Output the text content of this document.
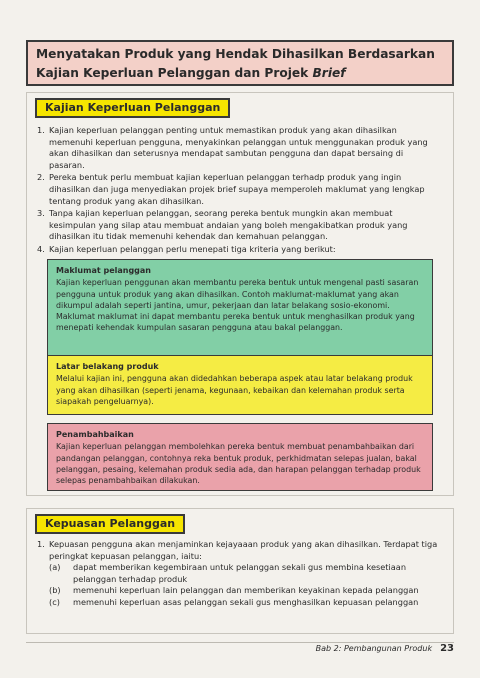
Menyatakan Produk yang Hendak Dihasilkan Berdasarkan
Kajian Keperluan Pelanggan dan Projek Brief
Kajian Keperluan Pelanggan
1. Kajian keperluan pelanggan penting untuk memastikan produk yang akan dihasilkan memenuhi keperluan pengguna, menyakinkan pelanggan untuk menggunakan produk yang akan dihasilkan dan seterusnya mendapat sambutan pengguna dan dapat bersaing di pasaran.
2. Pereka bentuk perlu membuat kajian keperluan pelanggan terhadp produk yang ingin dihasilkan dan juga menyediakan projek brief supaya memperoleh maklumat yang lengkap tentang produk yang akan dihasilkan.
3. Tanpa kajian keperluan pelanggan, seorang pereka bentuk mungkin akan membuat kesimpulan yang silap atau membuat andaian yang boleh mengakibatkan produk yang dihasilkan itu tidak memenuhi kehendak dan kemahuan pelanggan.
4. Kajian keperluan pelanggan perlu menepati tiga kriteria yang berikut:
Maklumat pelanggan
Kajian keperluan penggunan akan membantu pereka bentuk untuk mengenal pasti sasaran pengguna untuk produk yang akan dihasilkan. Contoh maklumat-maklumat yang akan dikumpul adalah seperti jantina, umur, pekerjaan dan latar belakang sosio-ekonomi. Maklumat maklumat ini dapat membantu pereka bentuk untuk menghasilkan produk yang menepati kehendak kumpulan sasaran pengguna atau bakal pelanggan.
Latar belakang produk
Melalui kajian ini, pengguna akan didedahkan beberapa aspek atau latar belakang produk yang akan dihasilkan (seperti jenama, kegunaan, kebaikan dan kelemahan produk serta siapakah pengeluarnya).
Penambahbaikan
Kajian keperluan pelanggan membolehkan pereka bentuk membuat penambahbaikan dari pandangan pelanggan, contohnya reka bentuk produk, perkhidmatan selepas jualan, bakal pelanggan, pesaing, kelemahan produk sedia ada, dan harapan pelanggan terhadap produk selepas penambahbaikan dilakukan.
Kepuasan Pelanggan
1. Kepuasan pengguna akan menjaminkan kejayaaan produk yang akan dihasilkan. Terdapat tiga peringkat kepuasan pelanggan, iaitu:
(a) dapat memberikan kegembiraan untuk pelanggan sekali gus membina kesetiaan pelanggan terhadap produk
(b) memenuhi keperluan lain pelanggan dan memberikan keyakinan kepada pelanggan
(c) memenuhi keperluan asas pelanggan sekali gus menghasilkan kepuasan pelanggan
Bab 2: Pembangunan Produk 23
